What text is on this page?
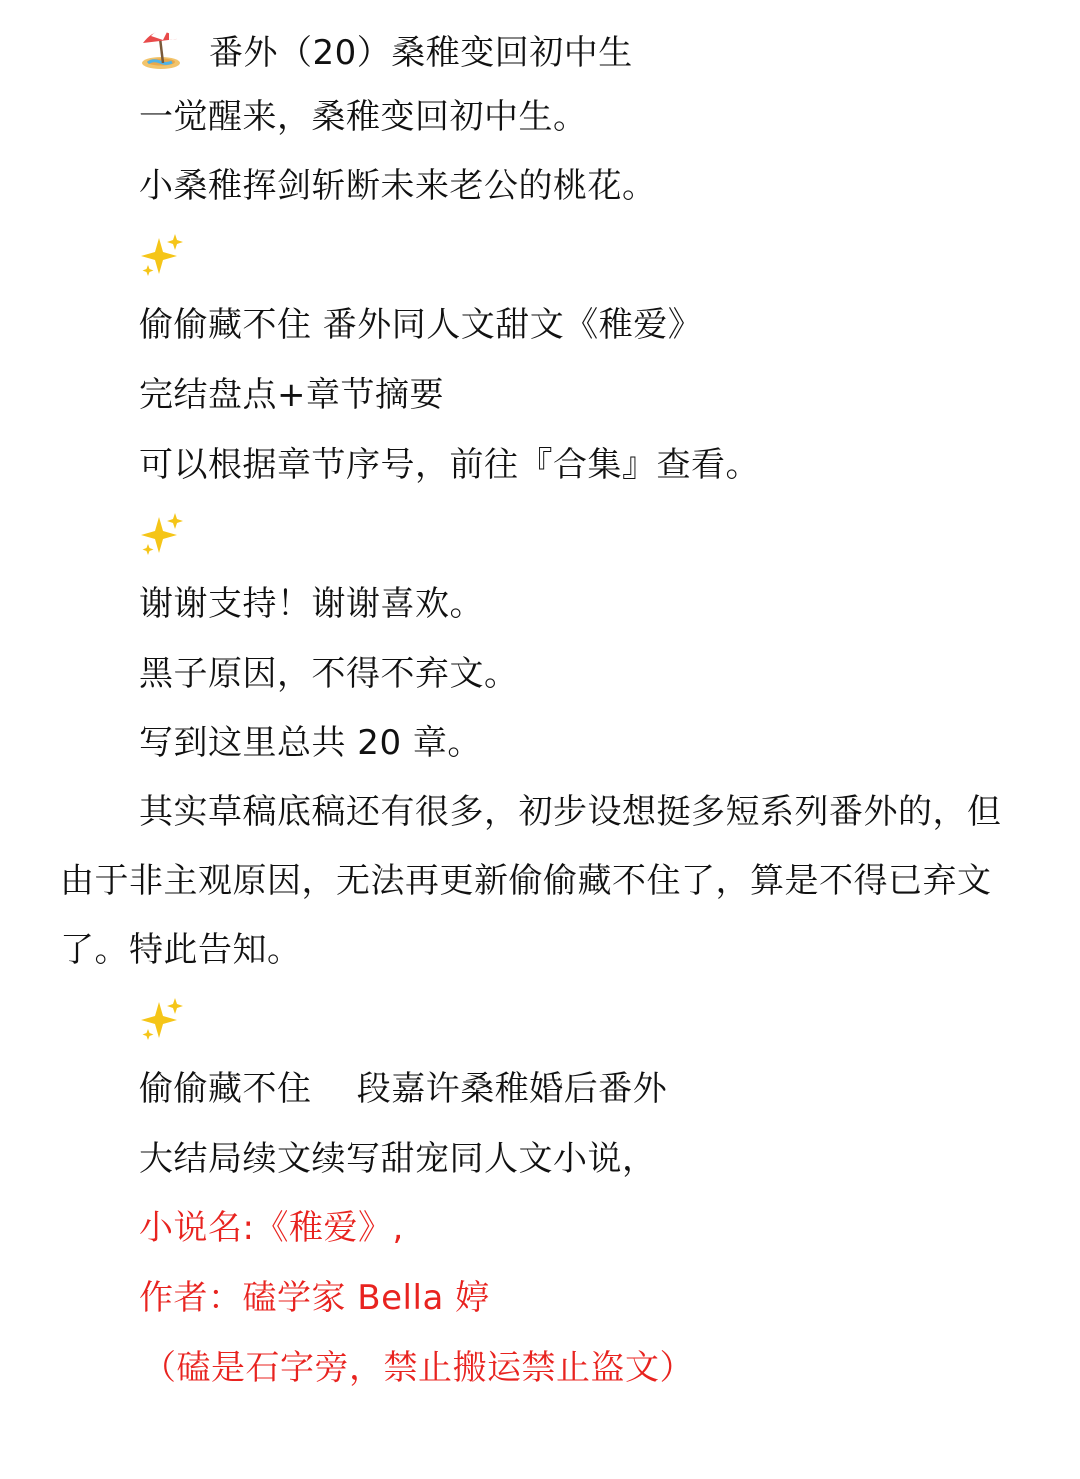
番外（20）桑稚变回初中生
一觉醒来，桑稚变回初中生。
小桑稚挥剑斩断未来老公的桃花。
偷偷藏不住 番外同人文甜文《稚爱》
完结盘点+章节摘要
可以根据章节序号，前往『合集』查看。
谢谢支持！谢谢喜欢。
黑子原因，不得不弃文。
写到这里总共 20 章。
其实草稿底稿还有很多，初步设想挺多短系列番外的，但由于非主观原因，无法再更新偷偷藏不住了，算是不得已弃文了。特此告知。
偷偷藏不住    段嘉许桑稚婚后番外
大结局续文续写甜宠同人文小说，
小说名:《稚爱》,
作者：磕学家 Bella 婷
（磕是石字旁，禁止搬运禁止盗文）
